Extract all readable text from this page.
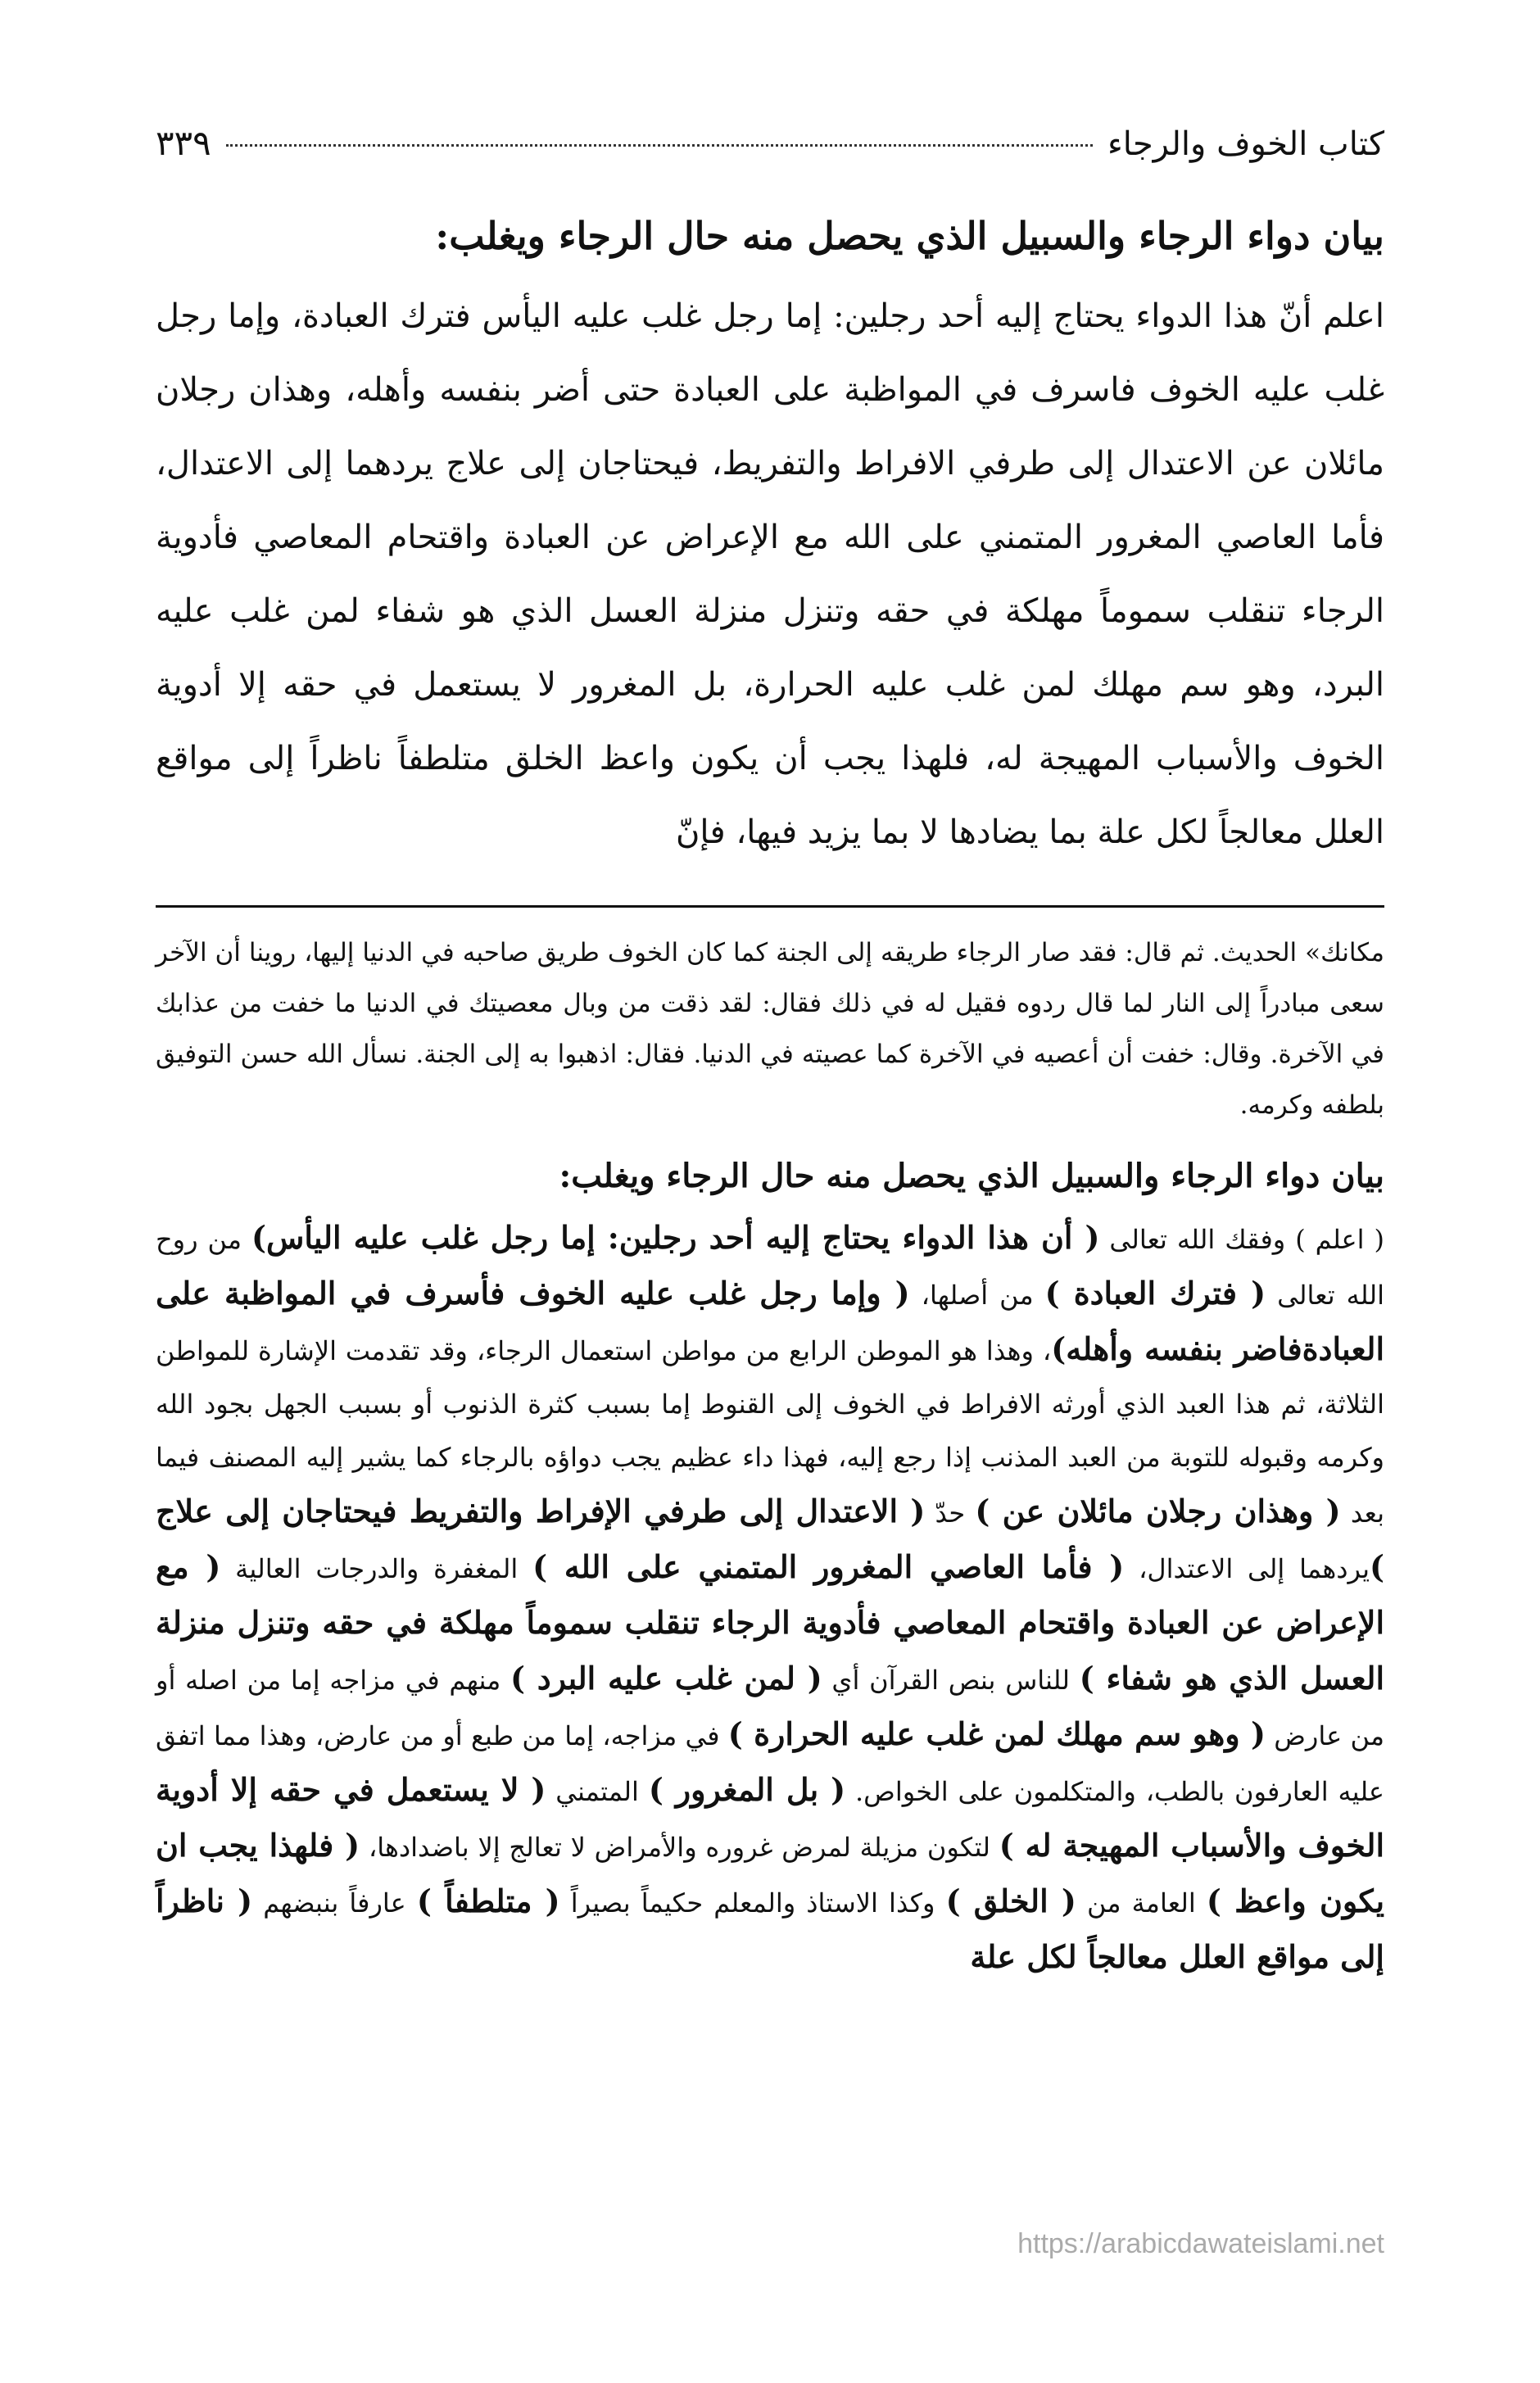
كتاب الخوف والرجاء
٣٣٩
بيان دواء الرجاء والسبيل الذي يحصل منه حال الرجاء ويغلب:

اعلم أنّ هذا الدواء يحتاج إليه أحد رجلين: إما رجل غلب عليه اليأس فترك العبادة، وإما رجل غلب عليه الخوف فاسرف في المواظبة على العبادة حتى أضر بنفسه وأهله، وهذان رجلان مائلان عن الاعتدال إلى طرفي الافراط والتفريط، فيحتاجان إلى علاج يردهما إلى الاعتدال، فأما العاصي المغرور المتمني على الله مع الإعراض عن العبادة واقتحام المعاصي فأدوية الرجاء تنقلب سموماً مهلكة في حقه وتنزل منزلة العسل الذي هو شفاء لمن غلب عليه البرد، وهو سم مهلك لمن غلب عليه الحرارة، بل المغرور لا يستعمل في حقه إلا أدوية الخوف والأسباب المهيجة له، فلهذا يجب أن يكون واعظ الخلق متلطفاً ناظراً إلى مواقع العلل معالجاً لكل علة بما يضادها لا بما يزيد فيها، فإنّ

مكانك» الحديث. ثم قال: فقد صار الرجاء طريقه إلى الجنة كما كان الخوف طريق صاحبه في الدنيا إليها، روينا أن الآخر سعى مبادراً إلى النار لما قال ردوه فقيل له في ذلك فقال: لقد ذقت من وبال معصيتك في الدنيا ما خفت من عذابك في الآخرة. وقال: خفت أن أعصيه في الآخرة كما عصيته في الدنيا. فقال: اذهبوا به إلى الجنة. نسأل الله حسن التوفيق بلطفه وكرمه.

بيان دواء الرجاء والسبيل الذي يحصل منه حال الرجاء ويغلب:

( اعلم ) وفقك الله تعالى ( أن هذا الدواء يحتاج إليه أحد رجلين: إما رجل غلب عليه اليأس) من روح الله تعالى ( فترك العبادة ) من أصلها، ( وإما رجل غلب عليه الخوف فأسرف في المواظبة على العبادةفاضر بنفسه وأهله)، وهذا هو الموطن الرابع من مواطن استعمال الرجاء، وقد تقدمت الإشارة للمواطن الثلاثة، ثم هذا العبد الذي أورثه الافراط في الخوف إلى القنوط إما بسبب كثرة الذنوب أو بسبب الجهل بجود الله وكرمه وقبوله للتوبة من العبد المذنب إذا رجع إليه، فهذا داء عظيم يجب دواؤه بالرجاء كما يشير إليه المصنف فيما بعد ( وهذان رجلان مائلان عن ) حدّ ( الاعتدال إلى طرفي الإفراط والتفريط فيحتاجان إلى علاج )يردهما إلى الاعتدال، ( فأما العاصي المغرور المتمني على الله ) المغفرة والدرجات العالية ( مع الإعراض عن العبادة واقتحام المعاصي فأدوية الرجاء تنقلب سموماً مهلكة في حقه وتنزل منزلة العسل الذي هو شفاء ) للناس بنص القرآن أي ( لمن غلب عليه البرد ) منهم في مزاجه إما من اصله أو من عارض ( وهو سم مهلك لمن غلب عليه الحرارة ) في مزاجه، إما من طبع أو من عارض، وهذا مما اتفق عليه العارفون بالطب، والمتكلمون على الخواص. ( بل المغرور ) المتمني ( لا يستعمل في حقه إلا أدوية الخوف والأسباب المهيجة له ) لتكون مزيلة لمرض غروره والأمراض لا تعالج إلا باضدادها، ( فلهذا يجب ان يكون واعظ ) العامة من ( الخلق ) وكذا الاستاذ والمعلم حكيماً بصيراً ( متلطفاً ) عارفاً بنبضهم ( ناظراً إلى مواقع العلل معالجاً لكل علة

https://arabicdawateislami.net
